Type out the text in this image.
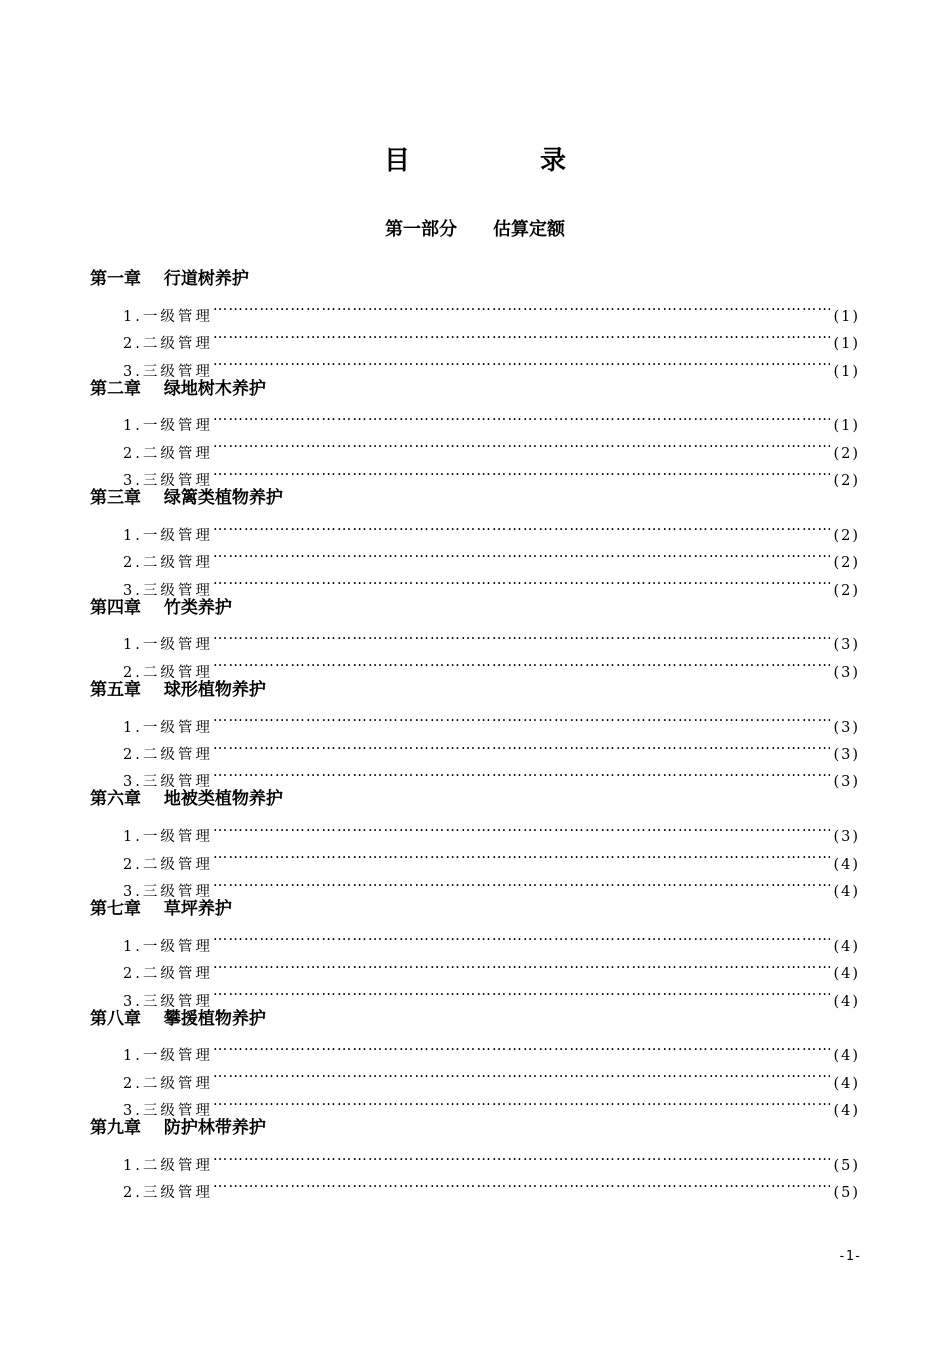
目　录
第一部分　　估算定额
第一章　 行道树养护
1.一级管理 ……………………………………………………………………………………………………………………………………………………………………………………………………………………	(1)
2.二级管理 ……………………………………………………………………………………………………………………………………………………………………………………………………………………	(1)
3.三级管理 ……………………………………………………………………………………………………………………………………………………………………………………………………………………	(1)
第二章　 绿地树木养护
1.一级管理 ……………………………………………………………………………………………………………………………………………………………………………………………………………………	(1)
2.二级管理 ……………………………………………………………………………………………………………………………………………………………………………………………………………………	(2)
3.三级管理 ……………………………………………………………………………………………………………………………………………………………………………………………………………………	(2)
第三章　 绿篱类植物养护
1.一级管理 ……………………………………………………………………………………………………………………………………………………………………………………………………………………	(2)
2.二级管理 ……………………………………………………………………………………………………………………………………………………………………………………………………………………	(2)
3.三级管理 ……………………………………………………………………………………………………………………………………………………………………………………………………………………	(2)
第四章　 竹类养护
1.一级管理 ……………………………………………………………………………………………………………………………………………………………………………………………………………………	(3)
2.二级管理 ……………………………………………………………………………………………………………………………………………………………………………………………………………………	(3)
第五章　 球形植物养护
1.一级管理 ……………………………………………………………………………………………………………………………………………………………………………………………………………………	(3)
2.二级管理 ……………………………………………………………………………………………………………………………………………………………………………………………………………………	(3)
3.三级管理 ……………………………………………………………………………………………………………………………………………………………………………………………………………………	(3)
第六章　 地被类植物养护
1.一级管理 ……………………………………………………………………………………………………………………………………………………………………………………………………………………	(3)
2.二级管理 ……………………………………………………………………………………………………………………………………………………………………………………………………………………	(4)
3.三级管理 ……………………………………………………………………………………………………………………………………………………………………………………………………………………	(4)
第七章　 草坪养护
1.一级管理 ……………………………………………………………………………………………………………………………………………………………………………………………………………………	(4)
2.二级管理 ……………………………………………………………………………………………………………………………………………………………………………………………………………………	(4)
3.三级管理 ……………………………………………………………………………………………………………………………………………………………………………………………………………………	(4)
第八章　 攀援植物养护
1.一级管理 ……………………………………………………………………………………………………………………………………………………………………………………………………………………	(4)
2.二级管理 ……………………………………………………………………………………………………………………………………………………………………………………………………………………	(4)
3.三级管理 ……………………………………………………………………………………………………………………………………………………………………………………………………………………	(4)
第九章　 防护林带养护
1.二级管理 ……………………………………………………………………………………………………………………………………………………………………………………………………………………	(5)
2.三级管理 ……………………………………………………………………………………………………………………………………………………………………………………………………………………	(5)
-1-
